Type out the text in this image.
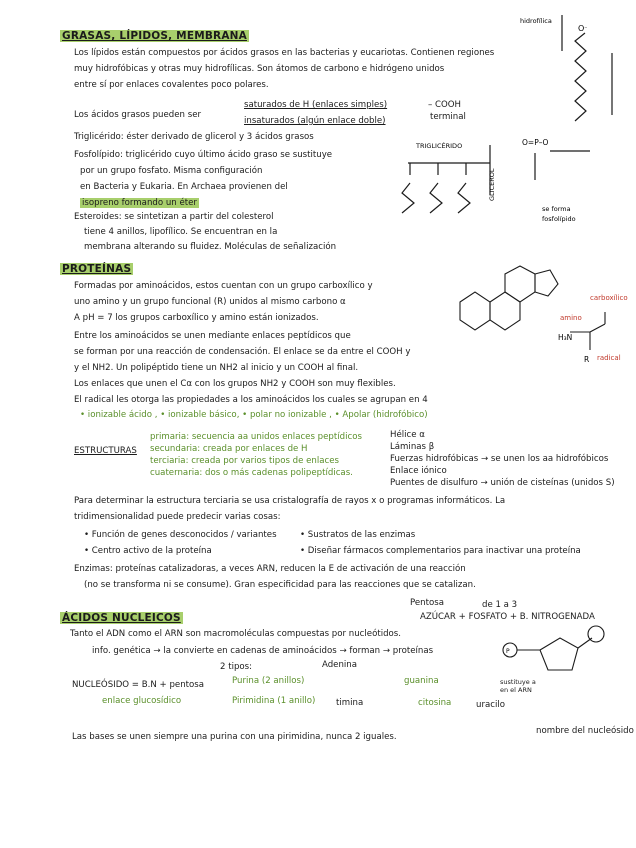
GRASAS, LÍPIDOS, MEMBRANA
Los lípidos están compuestos por ácidos grasos en las bacterias y eucariotas. Contienen regiones
muy hidrofóbicas y otras muy hidrofílicas. Son átomos de carbono e hidrógeno unidos
entre sí por enlaces covalentes poco polares.
Los ácidos grasos pueden ser
saturados de H (enlaces simples)
insaturados (algún enlace doble)
– COOH
terminal
Triglicérido: éster derivado de glicerol y 3 ácidos grasos
Fosfolípido: triglicérido cuyo último ácido graso se sustituye
por un grupo fosfato. Misma configuración
en Bacteria y Eukaria. En Archaea provienen del
isopreno formando un éter
Esteroides: se sintetizan a partir del colesterol
tiene 4 anillos, lipofílico. Se encuentran en la
membrana alterando su fluidez. Moléculas de señalización
hidrofílica
O⁻
TRIGLICÉRIDO
GLICEROL
se forma
fosfolípido
O=P–O
PROTEÍNAS
Formadas por aminoácidos, estos cuentan con un grupo carboxílico y
uno amino y un grupo funcional (R) unidos al mismo carbono α
A pH = 7 los grupos carboxílico y amino están ionizados.
Entre los aminoácidos se unen mediante enlaces peptídicos que
se forman por una reacción de condensación. El enlace se da entre el COOH y
y el NH2. Un polipéptido tiene un NH2 al inicio y un COOH al final.
Los enlaces que unen el Cα con los grupos NH2 y COOH son muy flexibles.
El radical les otorga las propiedades a los aminoácidos los cuales se agrupan en 4
• ionizable ácido , • ionizable básico, • polar no ionizable , • Apolar (hidrofóbico)
amino
carboxílico
radical
H₃N
R
ESTRUCTURAS
primaria: secuencia aa unidos enlaces peptídicos
secundaria: creada por enlaces de H
terciaria: creada por varios tipos de enlaces
cuaternaria: dos o más cadenas polipeptídicas.
Hélice α
Láminas β
Fuerzas hidrofóbicas → se unen los aa hidrofóbicos
Enlace iónico
Puentes de disulfuro → unión de cisteínas (unidos S)
Para determinar la estructura terciaria se usa cristalografía de rayos x o programas informáticos. La
tridimensionalidad puede predecir varias cosas:
• Función de genes desconocidos / variantes
• Centro activo de la proteína
• Sustratos de las enzimas
• Diseñar fármacos complementarios para inactivar una proteína
Enzimas: proteínas catalizadoras, a veces ARN, reducen la E de activación de una reacción
(no se transforma ni se consume). Gran especificidad para las reacciones que se catalizan.
ÁCIDOS NUCLEICOS
Pentosa	de 1 a 3
AZÚCAR + FOSFATO + B. NITROGENADA
Tanto el ADN como el ARN son macromoléculas compuestas por nucleótidos.
info. genética → la convierte en cadenas de aminoácidos → forman → proteínas
2 tipos:
NUCLEÓSIDO = B.N + pentosa
enlace glucosídico
Purina (2 anillos)
Pirimidina (1 anillo)
Adenina
guanina
timina	citosina	uracilo
sustituye a
en el ARN
nombre del nucleósido
P
Las bases se unen siempre una purina con una pirimidina, nunca 2 iguales.
